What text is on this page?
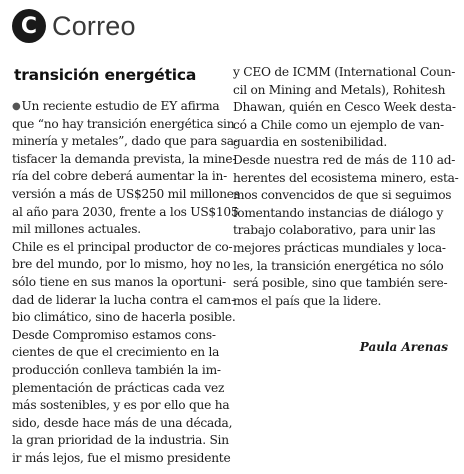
C Correo
transición energética

●Un reciente estudio de EY afirma

que “no hay transición energética sin

minería y metales”, dado que para sa-

tisfacer la demanda prevista, la mine-

ría del cobre deberá aumentar la in-

versión a más de US$250 mil millones

al año para 2030, frente a los US$105

mil millones actuales.

Chile es el principal productor de co-

bre del mundo, por lo mismo, hoy no

sólo tiene en sus manos la oportuni-

dad de liderar la lucha contra el cam-

bio climático, sino de hacerla posible.

Desde Compromiso estamos cons-

cientes de que el crecimiento en la

producción conlleva también la im-

plementación de prácticas cada vez

más sostenibles, y es por ello que ha

sido, desde hace más de una década,

la gran prioridad de la industria. Sin

ir más lejos, fue el mismo presidente

y CEO de ICMM (International Coun-

cil on Mining and Metals), Rohitesh

Dhawan, quién en Cesco Week destа-

có a Chile como un ejemplo de van-

guardia en sostenibilidad.

Desde nuestra red de más de 110 ad-

herentes del ecosistema minero, esta-

mos convencidos de que si seguimos

fomentando instancias de diálogo y

trabajo colaborativo, para unir las

mejores prácticas mundiales y loca-

les, la transición energética no sólo

será posible, sino que también sere-

mos el país que la lidere.

Paula Arenas
